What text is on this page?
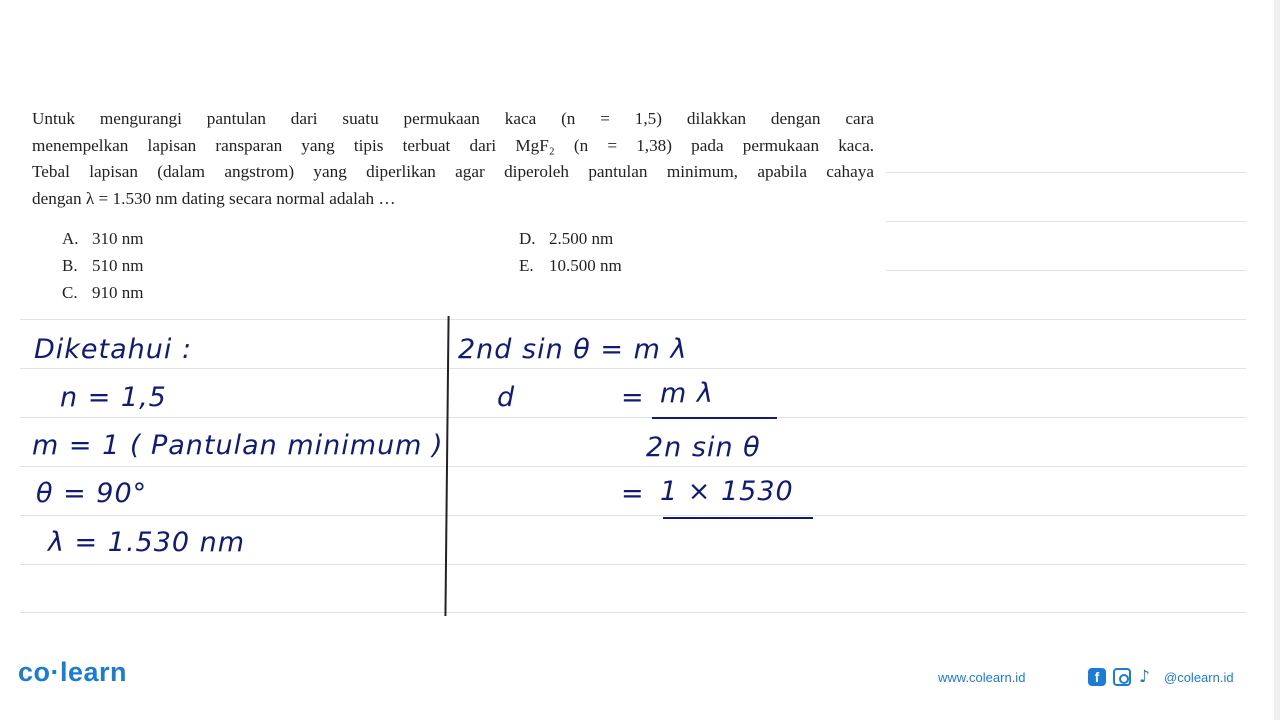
Untuk mengurangi pantulan dari suatu permukaan kaca (n = 1,5) dilakkan dengan cara
menempelkan lapisan ransparan yang tipis terbuat dari MgF₂ (n = 1,38) pada permukaan kaca.
Tebal lapisan (dalam angstrom) yang diperlikan agar diperoleh pantulan minimum, apabila cahaya
dengan λ = 1.530 nm dating secara normal adalah …
A. 310 nm
B. 510 nm
C. 910 nm
D. 2.500 nm
E. 10.500 nm
Diketahui :
n = 1,5
m = 1 ( Pantulan minimum )
θ = 90°
λ = 1.530 nm
2nd sin θ = m λ
d	= m λ
2n sin θ
= 1 × 1530
co·learn	www.colearn.id	f	♪	@colearn.id
